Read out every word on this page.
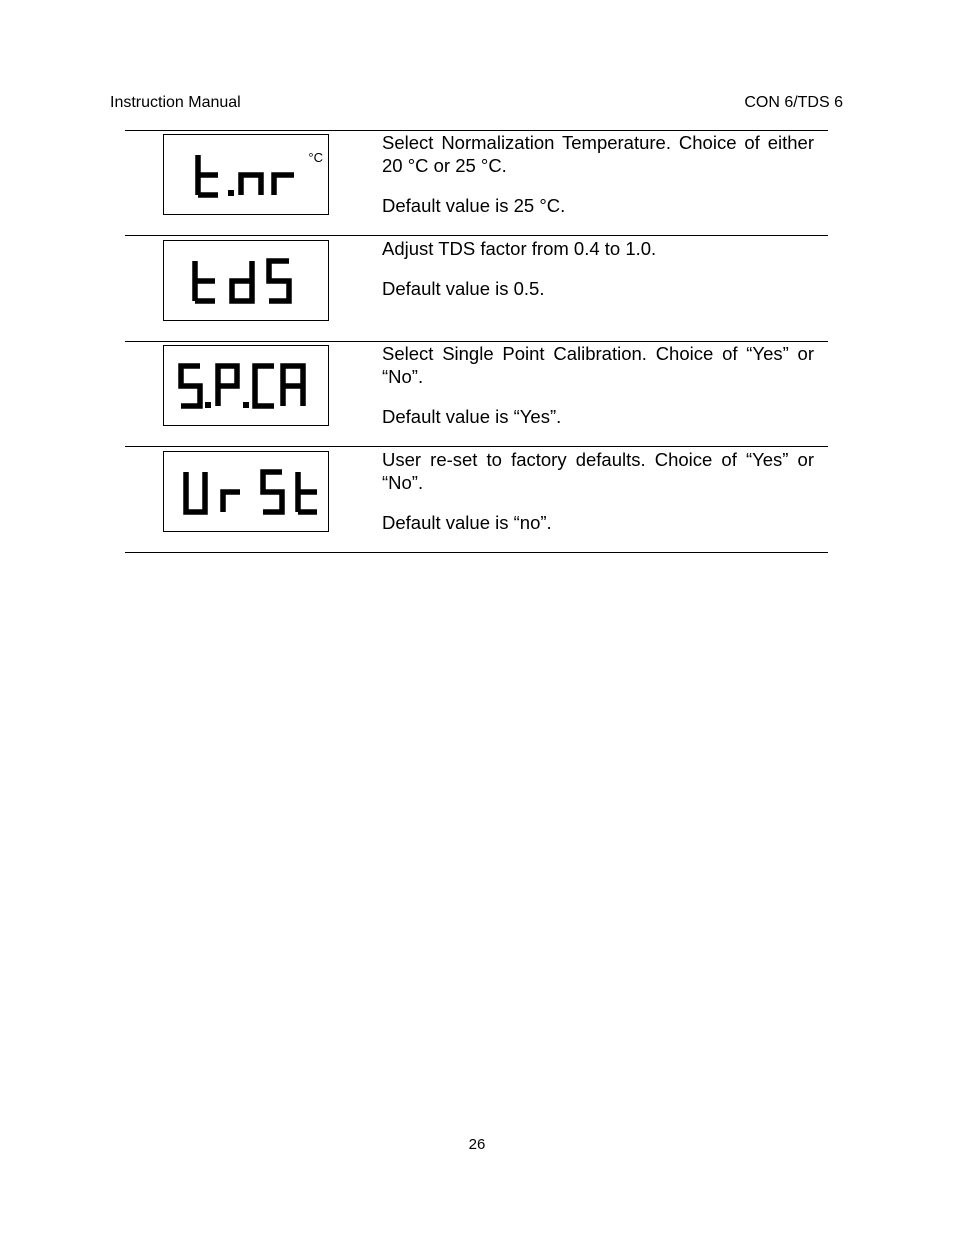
Instruction Manual	CON 6/TDS 6
°C

Select Normalization Temperature. Choice of either 20 °C or 25 °C.

Default value is 25 °C.

Adjust TDS factor from 0.4 to 1.0.

Default value is 0.5.

Select Single Point Calibration. Choice of “Yes” or “No”.

Default value is “Yes”.

User re-set to factory defaults. Choice of “Yes” or “No”.

Default value is “no”.

26
